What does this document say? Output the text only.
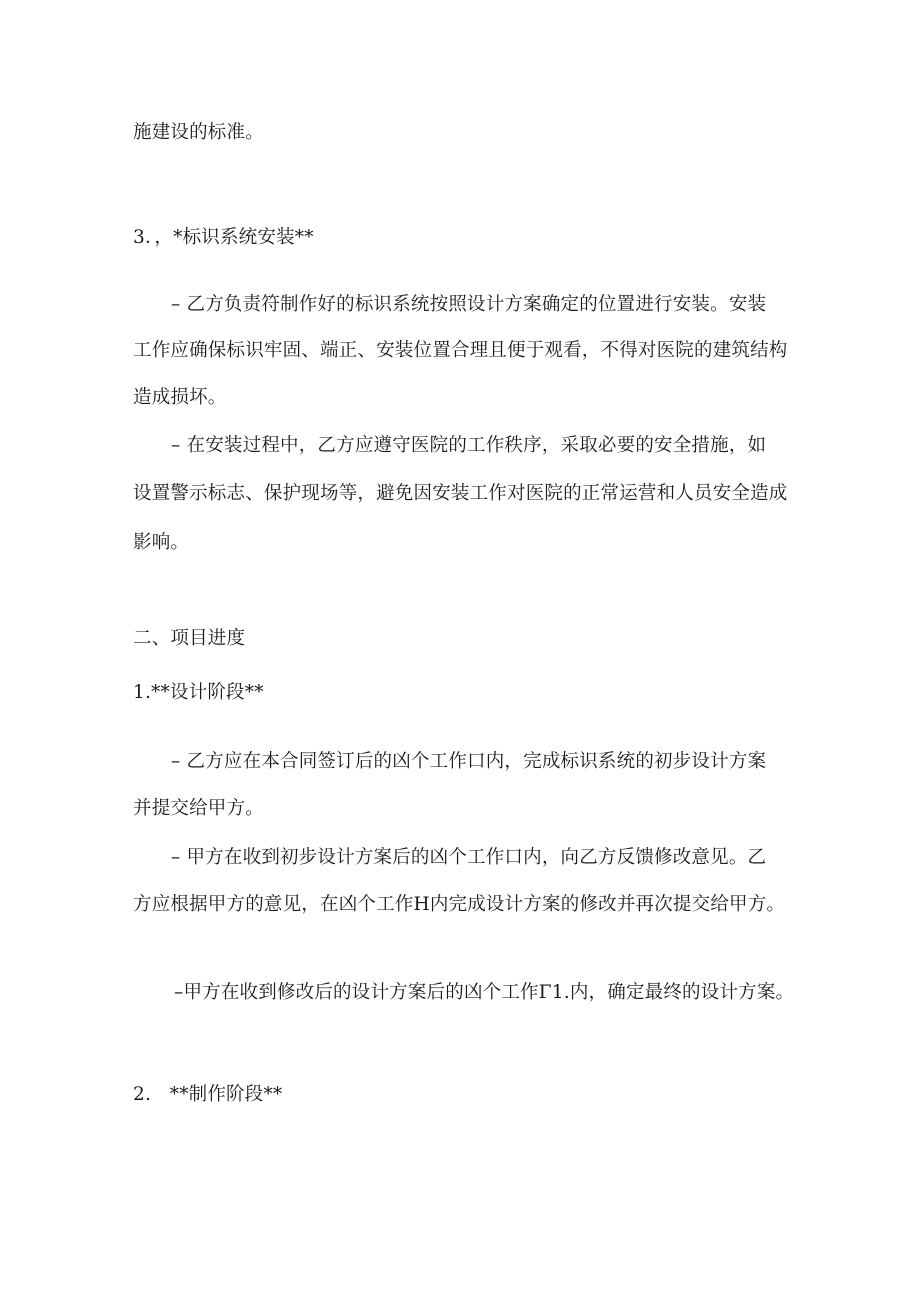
施建设的标准。
3．，*标识系统安装**
– 乙方负责符制作好的标识系统按照设计方案确定的位置进行安装。安装
工作应确保标识牢固、端正、安装位置合理且便于观看，不得对医院的建筑结构
造成损坏。
– 在安装过程中，乙方应遵守医院的工作秩序，采取必要的安全措施，如
设置警示标志、保护现场等，避免因安装工作对医院的正常运营和人员安全造成
影响。
二、项目进度
1.**设计阶段**
– 乙方应在本合同签订后的凶个工作口内，完成标识系统的初步设计方案
并提交给甲方。
– 甲方在收到初步设计方案后的凶个工作口内，向乙方反馈修改意见。乙
方应根据甲方的意见，在凶个工作H内完成设计方案的修改并再次提交给甲方。
–甲方在收到修改后的设计方案后的凶个工作Γ1.内，确定最终的设计方案。
2.　**制作阶段**
